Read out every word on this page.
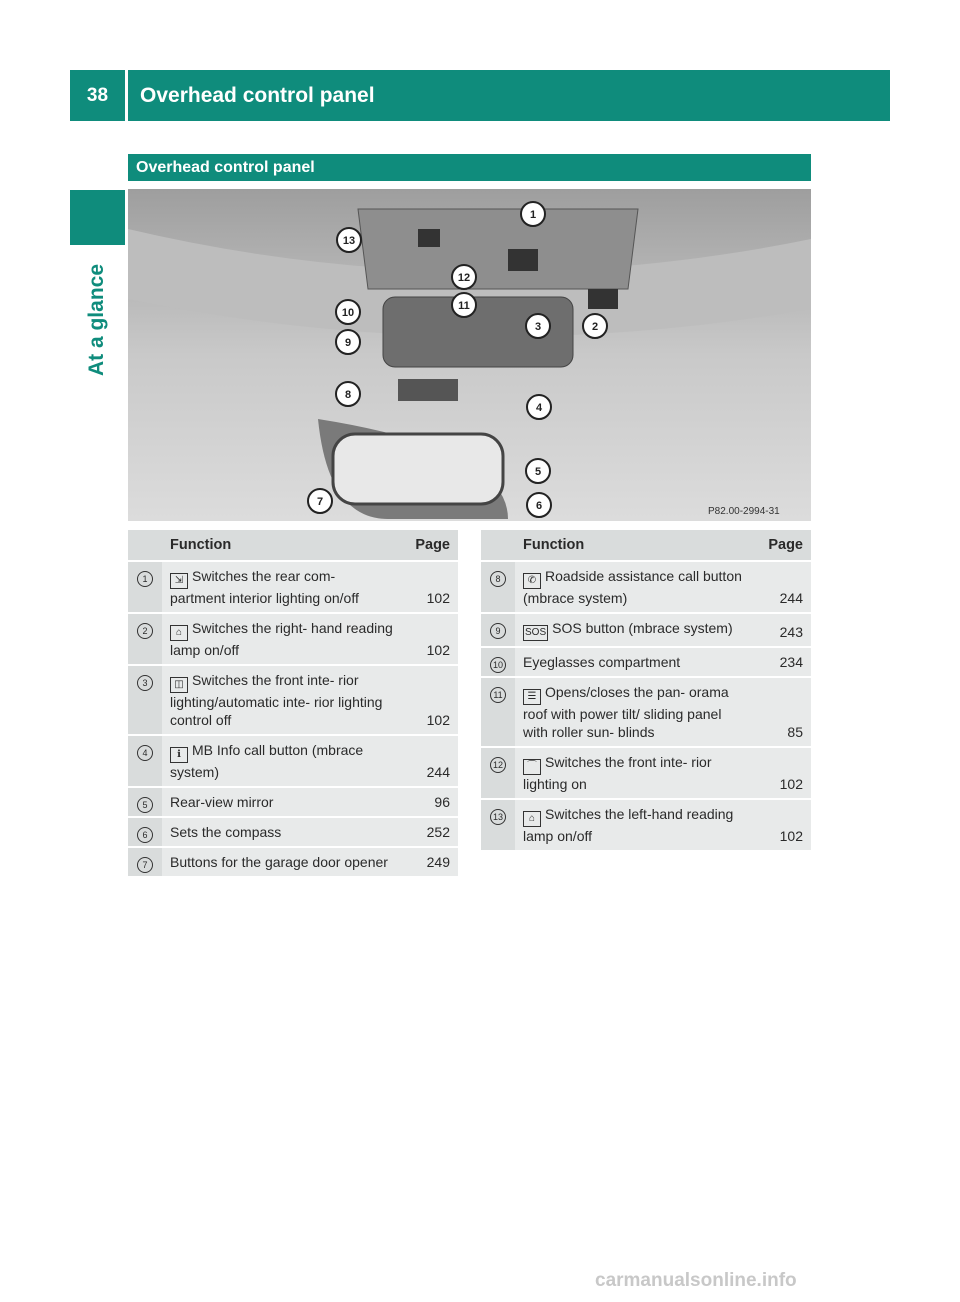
38	Overhead control panel
At a glance
Overhead control panel
P82.00-2994-31
1
2
3
4
5
6
7
8
9
10
11
12
13
	Function	Page
1	⇲ Switches the rear com- partment interior lighting on/off	102
2	⌂ Switches the right- hand reading lamp on/off	102
3	◫ Switches the front inte- rior lighting/automatic inte- rior lighting control off	102
4	ℹ MB Info call button (mbrace system)	244
5	Rear-view mirror	96
6	Sets the compass	252
7	Buttons for the garage door opener	249
	Function	Page
8	✆ Roadside assistance call button (mbrace system)	244
9	SOS SOS button (mbrace system)	243
10	Eyeglasses compartment	234
11	☰ Opens/closes the pan- orama roof with power tilt/ sliding panel with roller sun- blinds	85
12	⌒ Switches the front inte- rior lighting on	102
13	⌂ Switches the left-hand reading lamp on/off	102
carmanualsonline.info
